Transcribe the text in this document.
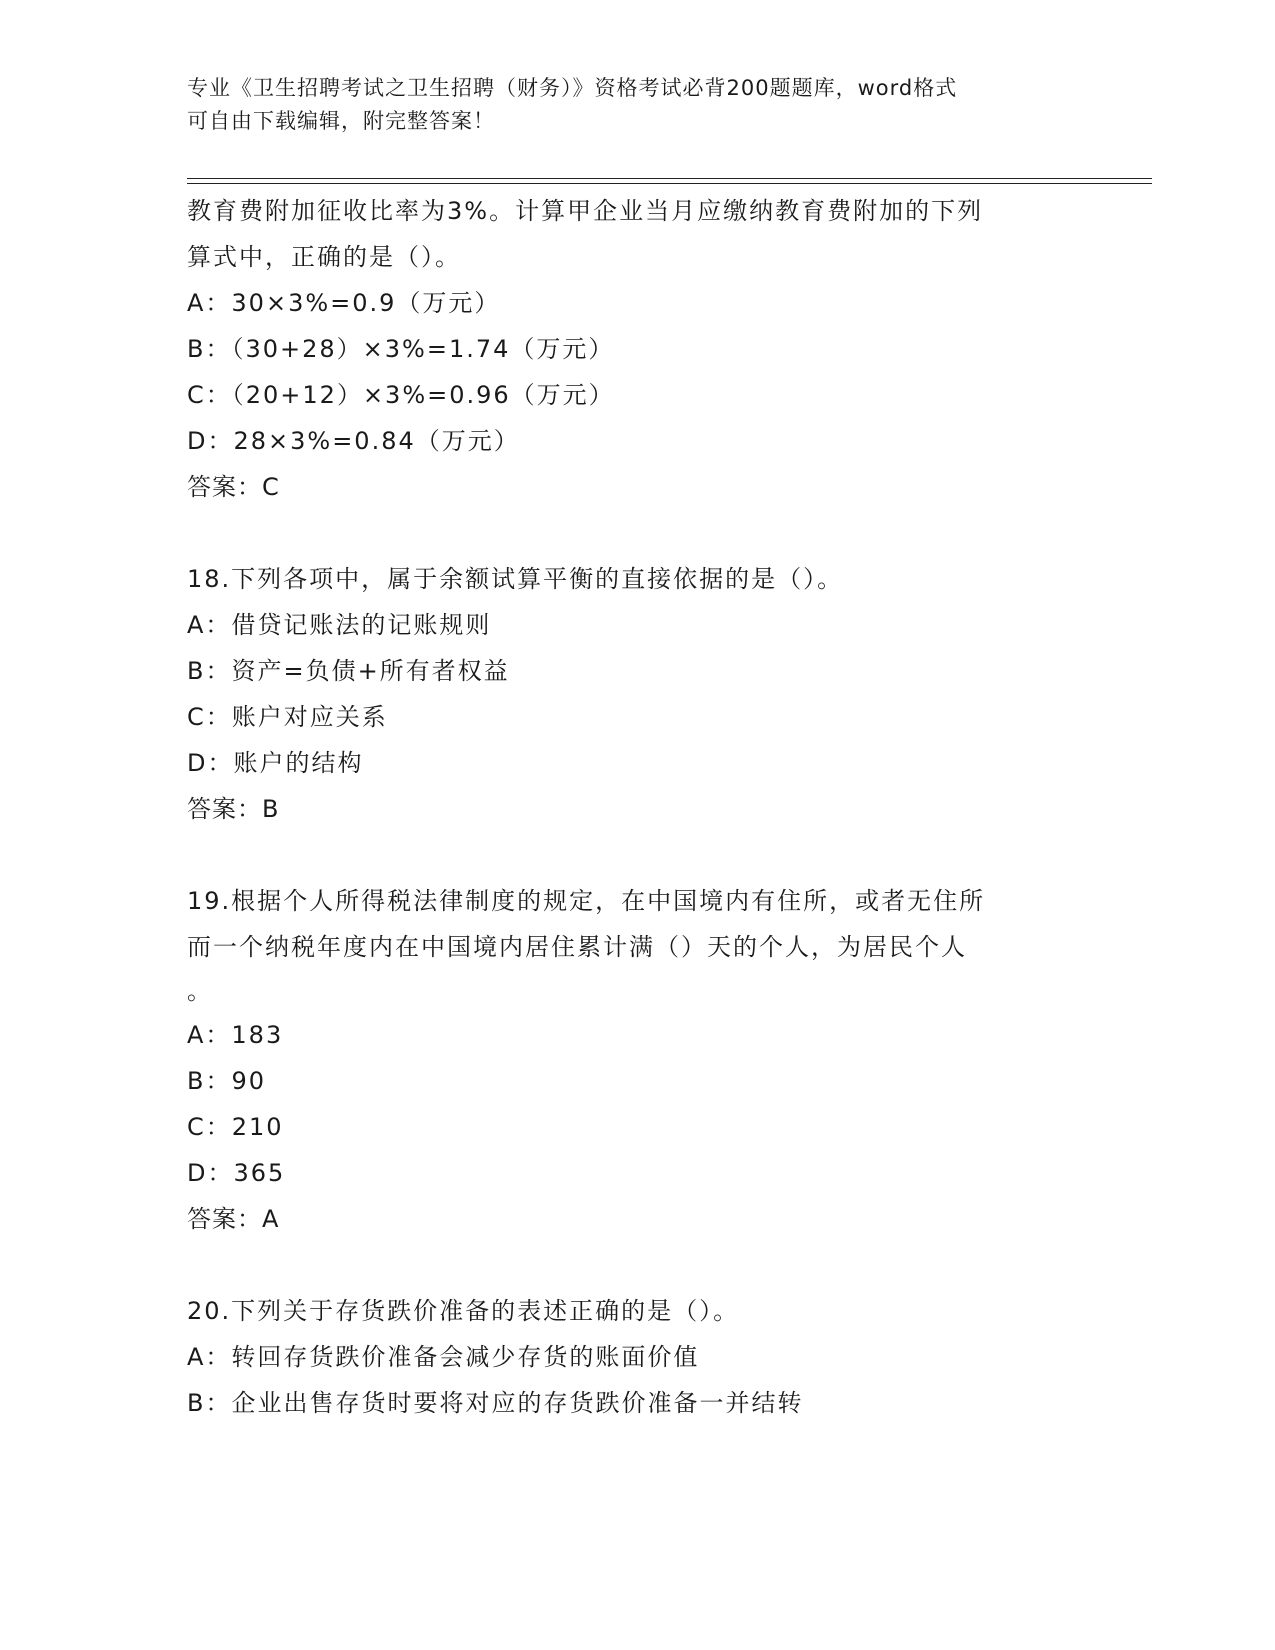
专业《卫生招聘考试之卫生招聘（财务）》资格考试必背200题题库，word格式
可自由下载编辑，附完整答案！
教育费附加征收比率为3%。计算甲企业当月应缴纳教育费附加的下列
算式中，正确的是（）。
A：30×3%=0.9（万元）
B：（30+28）×3%=1.74（万元）
C：（20+12）×3%=0.96（万元）
D：28×3%=0.84（万元）
答案：C
18.下列各项中，属于余额试算平衡的直接依据的是（）。
A：借贷记账法的记账规则
B：资产=负债+所有者权益
C：账户对应关系
D：账户的结构
答案：B
19.根据个人所得税法律制度的规定，在中国境内有住所，或者无住所
而一个纳税年度内在中国境内居住累计满（）天的个人，为居民个人
。
A：183
B：90
C：210
D：365
答案：A
20.下列关于存货跌价准备的表述正确的是（）。
A：转回存货跌价准备会减少存货的账面价值
B：企业出售存货时要将对应的存货跌价准备一并结转
